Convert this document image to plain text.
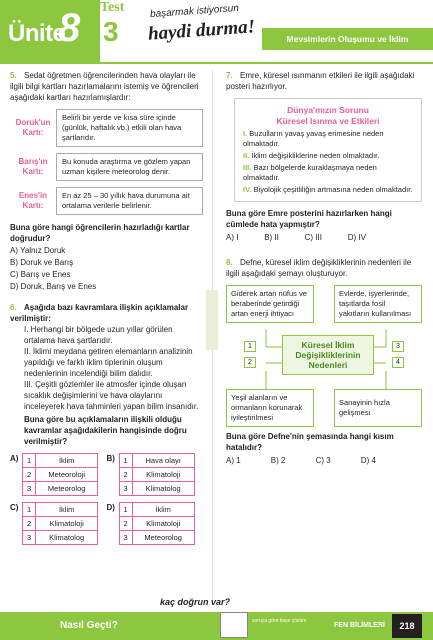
Ünite
8 Test
3
başarmak istiyorsun
haydi durma!	Mevsimlerin Oluşumu ve İklim
5. Sedat öğretmen öğrencilerinden hava olayları ile ilgili bilgi kartları hazırlamalarını istemiş ve öğrencileri aşağıdaki kartları hazırlamışlardır:
Doruk'un Kartı:
Belirli bir yerde ve kısa süre içinde (günlük, haftalık vb.) etkili olan hava şartlarıdır.
Barış'ın Kartı:
Bu konuda araştırma ve gözlem yapan uzman kişilere meteorolog denir.
Enes'in Kartı:
En az 25 – 30 yıllık hava durumuna ait ortalama verilerle belirlenir.
Buna göre hangi öğrencilerin hazırladığı kartlar doğrudur?
A) Yalnız Doruk
B) Doruk ve Barış
C) Barış ve Enes
D) Doruk, Barış ve Enes
6. Aşağıda bazı kavramlara ilişkin açıklamalar verilmiştir:
I. Herhangi bir bölgede uzun yıllar görülen ortalama hava şartlarıdır.
II. İklimi meydana getiren elemanların analizinin yapıldığı ve farklı iklim tiplerinin oluşum nedenlerinin incelendiği bilim dalıdır.
III. Çeşitli gözlemler ile atmosfer içinde oluşan sıcaklık değişimlerini ve hava olaylarını inceleyerek hava tahminleri yapan bilim insanıdır.
Buna göre bu açıklamaların ilişkili olduğu kavramlar aşağıdakilerin hangisinde doğru verilmiştir?
A)	1	İklim
2	Meteoroloji
3	Meteorolog
B)	1	Hava olayı
2	Klimatoloji
3	Klimatolog
C)	1	İklim
2	Klimatoloji
3	Klimatolog
D)	1	İklim
2	Klimatoloji
3	Meteorolog
7. Emre, küresel ısınmanın etkileri ile ilgili aşağıdaki posteri hazırlıyor.
Dünya'mızın Sorunu
Küresel Isınma ve Etkileri
I. Buzulların yavaş yavaş erimesine neden olmaktadır.
II. İklim değişikliklerine neden olmaktadır.
III. Bazı bölgelerde kuraklaşmaya neden olmaktadır.
IV. Biyolojik çeşitliliğin artmasına neden olmaktadır.
Buna göre Emre posterini hazırlarken hangi cümlede hata yapmıştır?
A) I	B) II	C) III	D) IV
8. Defne, küresel iklim değişikliklerinin nedenleri ile ilgili aşağıdaki şemayı oluşturuyor.
Giderek artan nüfus ve beraberinde getirdiği artan enerji ihtiyacı
Evlerde, işyerlerinde, taşıtlarda fosil yakıtların kullanılması
1
2
3
4
Küresel İklim Değişikliklerinin Nedenleri
Yeşil alanların ve ormanların korunarak iyileştirilmesi
Sanayinin hızla gelişmesi
Buna göre Defne'nin şemasında hangi kısım hatalıdır?
A) 1	B) 2	C) 3	D) 4
Nasıl Geçti?
kaç doğrun var?
soruya göre kaşe çözüm
FEN BİLİMLERİ	218
